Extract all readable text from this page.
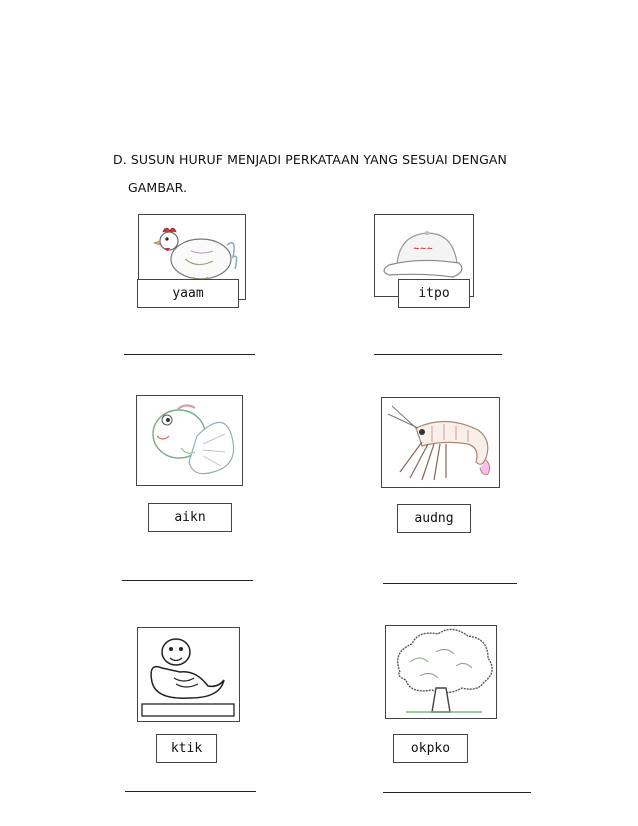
D. SUSUN HURUF MENJADI PERKATAAN YANG SESUAI DENGAN
GAMBAR.
yaam
~~~
itpo
aikn	audng
ktik	okpko
